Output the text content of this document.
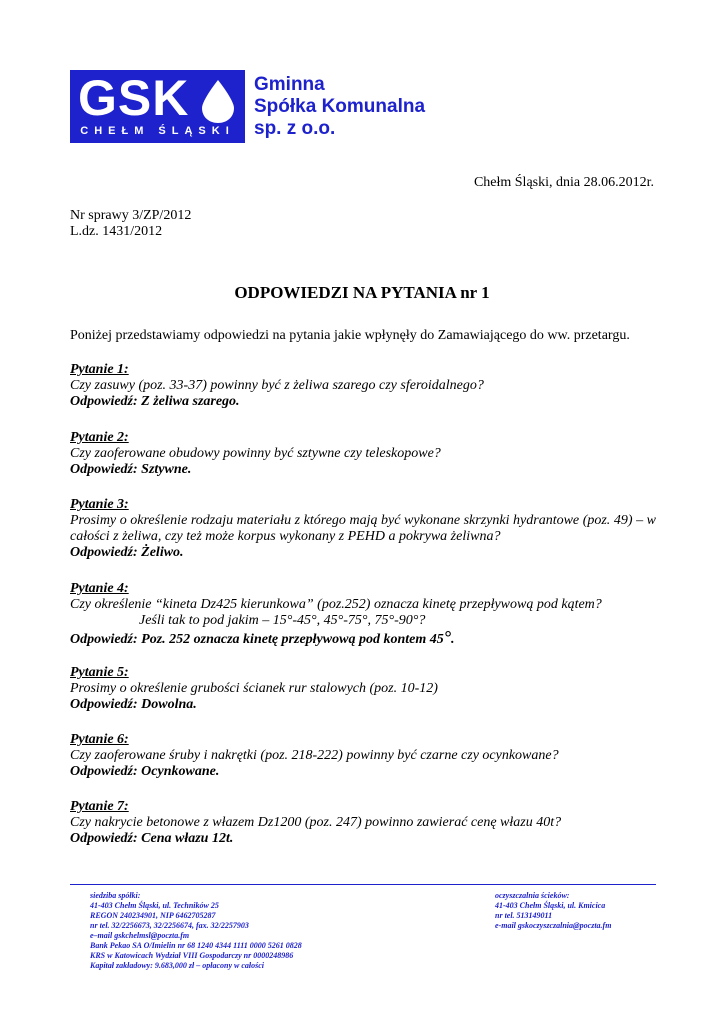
GSK
CHEŁM ŚLĄSKI
Gminna
Spółka Komunalna
sp. z o.o.
Chełm Śląski, dnia 28.06.2012r.
Nr sprawy 3/ZP/2012
L.dz. 1431/2012
ODPOWIEDZI NA PYTANIA nr 1
Poniżej przedstawiamy odpowiedzi na pytania jakie wpłynęły do Zamawiającego do ww. przetargu.
Pytanie 1:
Czy zasuwy (poz. 33-37) powinny być z żeliwa szarego czy sferoidalnego?
Odpowiedź: Z żeliwa szarego.
Pytanie 2:
Czy zaoferowane obudowy powinny być sztywne czy teleskopowe?
Odpowiedź: Sztywne.
Pytanie 3:
Prosimy o określenie rodzaju materiału z którego mają być wykonane skrzynki hydrantowe (poz. 49) – w całości z żeliwa, czy też może korpus wykonany z PEHD a pokrywa żeliwna?
Odpowiedź: Żeliwo.
Pytanie 4:
Czy określenie “kineta Dz425 kierunkowa” (poz.252) oznacza kinetę przepływową pod kątem?
Jeśli tak to pod jakim – 15°-45°, 45°-75°, 75°-90°?
Odpowiedź: Poz. 252 oznacza kinetę przepływową pod kontem 45°.
Pytanie 5:
Prosimy o określenie grubości ścianek rur stalowych (poz. 10-12)
Odpowiedź: Dowolna.
Pytanie 6:
Czy zaoferowane śruby i nakrętki (poz. 218-222) powinny być czarne czy ocynkowane?
Odpowiedź: Ocynkowane.
Pytanie 7:
Czy nakrycie betonowe z włazem Dz1200 (poz. 247) powinno zawierać cenę włazu 40t?
Odpowiedź: Cena włazu 12t.
siedziba spółki:
41-403 Chełm Śląski, ul. Techników 25
REGON 240234901, NIP 6462705287
nr tel. 32/2256673, 32/2256674, fax. 32/2257903
e–mail gskchelmsl@poczta.fm
Bank Pekao SA O/Imielin nr 68 1240 4344 1111 0000 5261 0828
KRS w Katowicach Wydział VIII Gospodarczy nr 0000248986
Kapitał zakładowy: 9.683,000 zł – opłacony w całości
oczyszczalnia ścieków:
41-403 Chełm Śląski, ul. Kmicica
nr tel. 513149011
e-mail gskoczyszczalnia@poczta.fm
